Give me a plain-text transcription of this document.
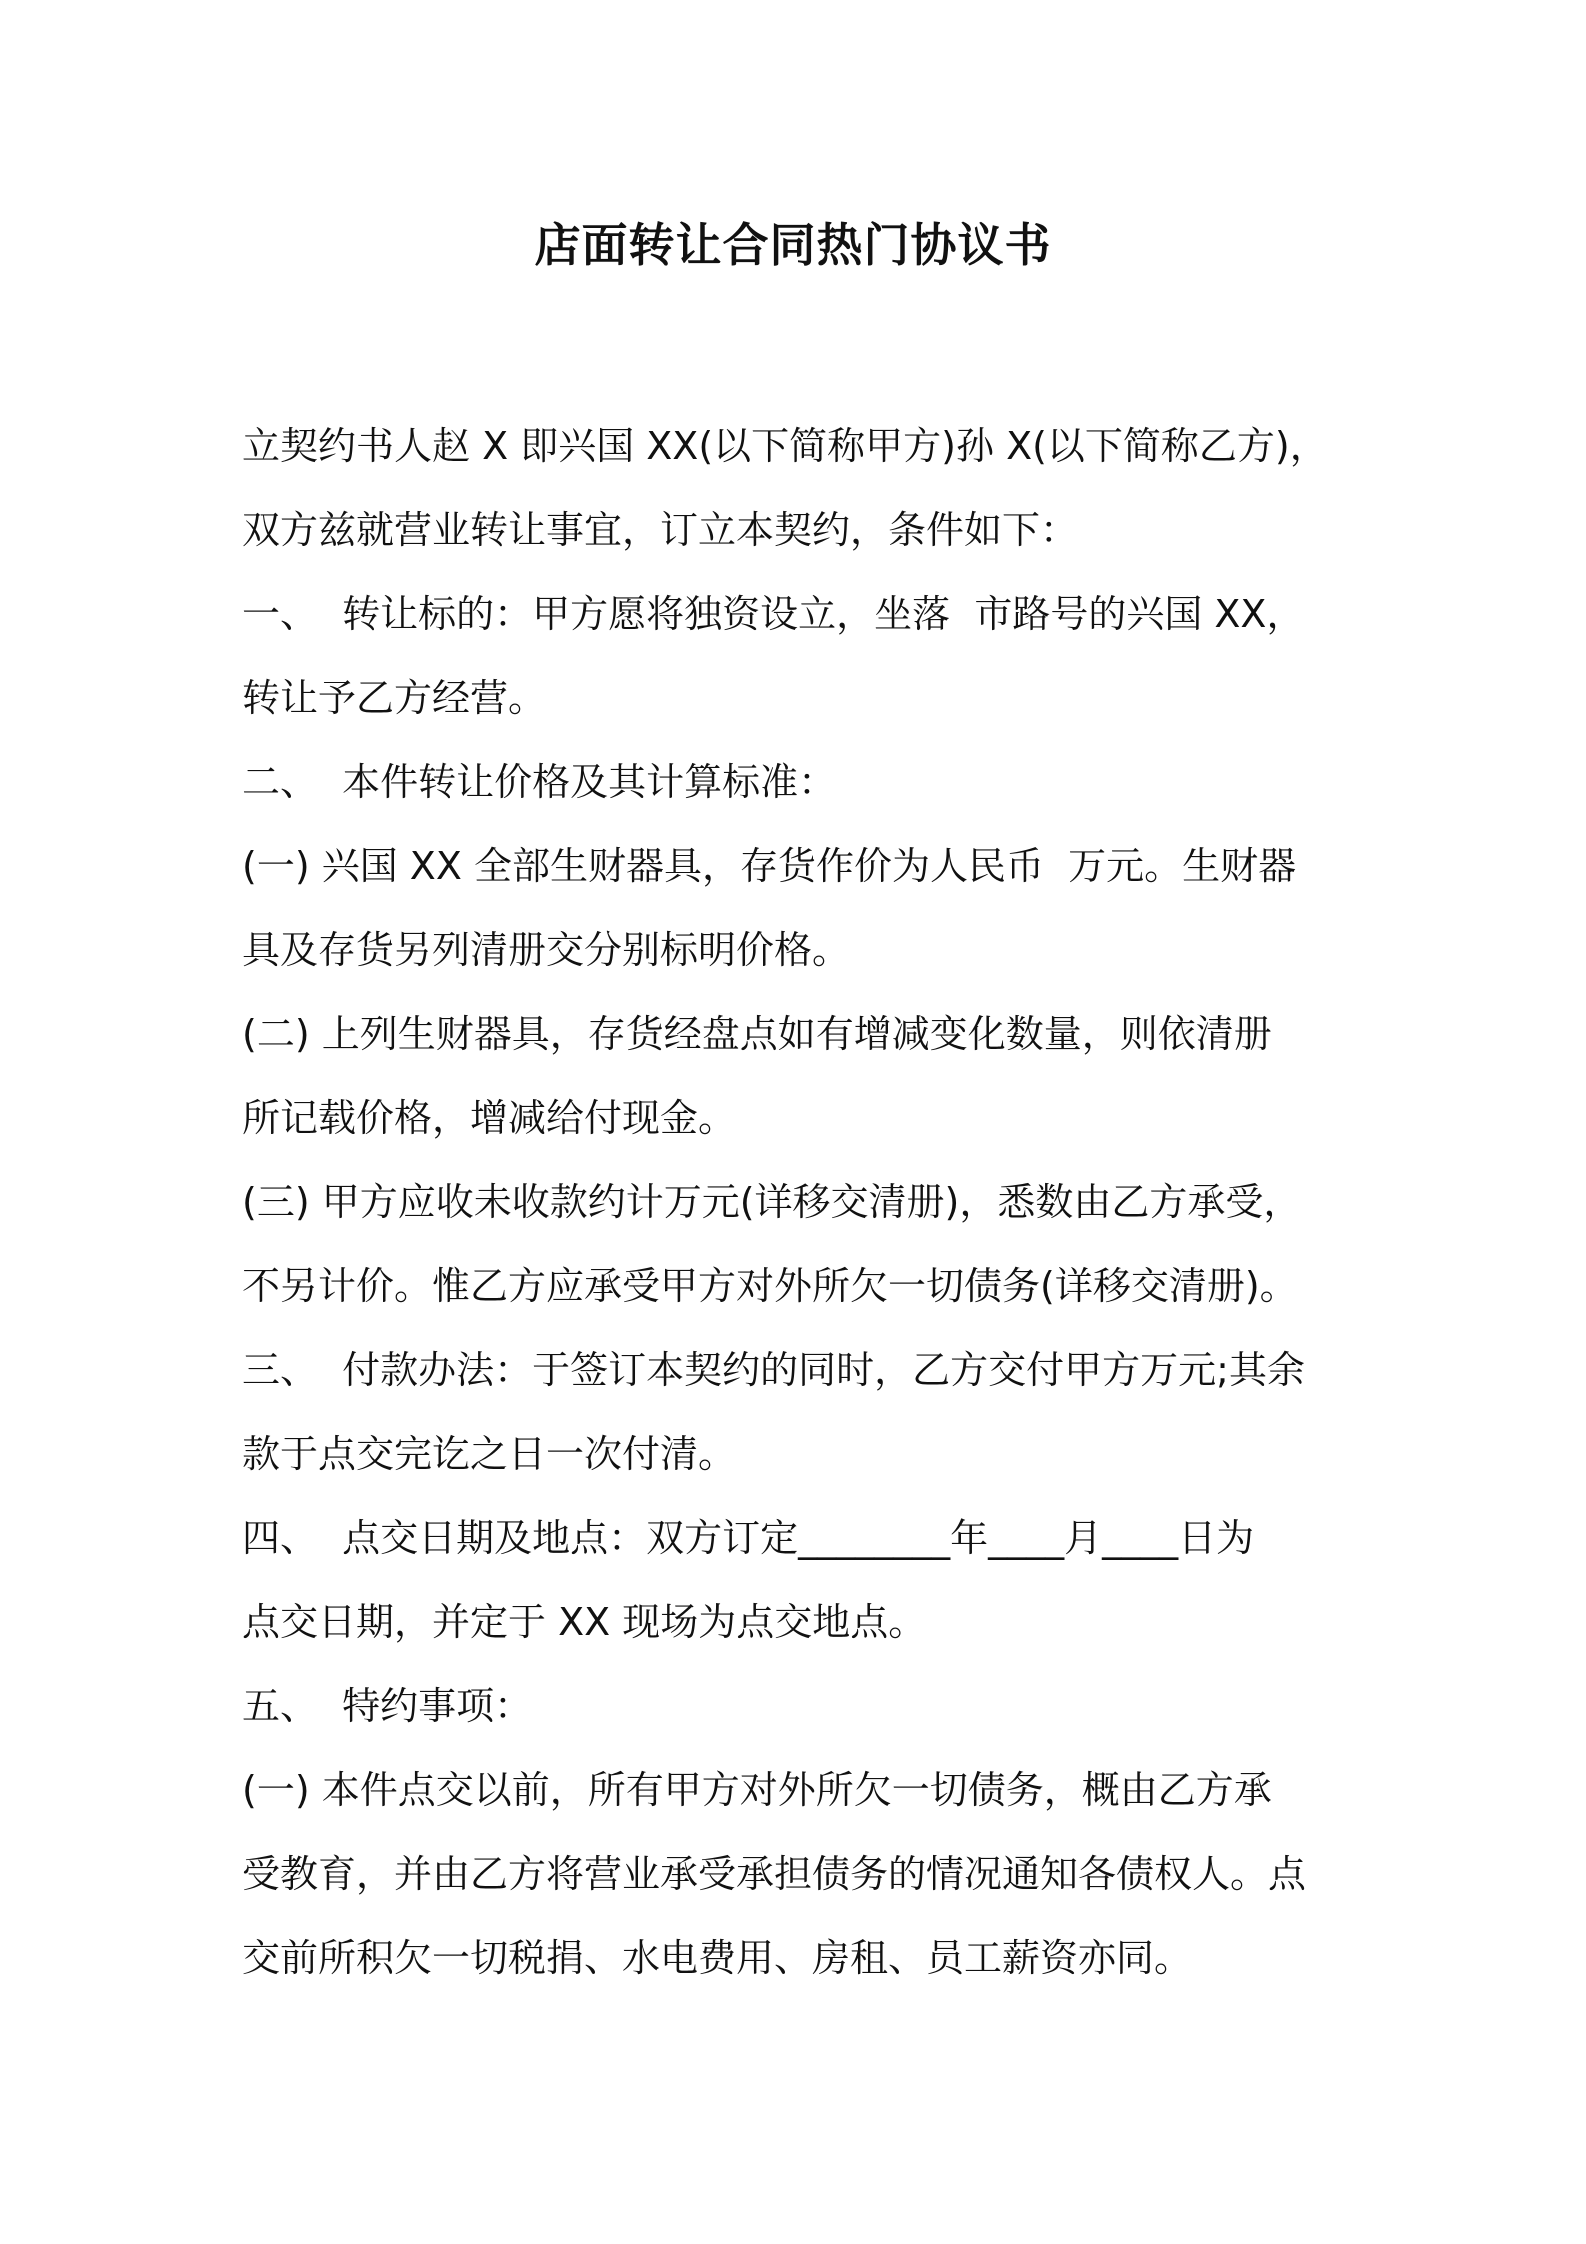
店面转让合同热门协议书
立契约书人赵 X 即兴国 XX(以下简称甲方)孙 X(以下简称乙方)，
双方兹就营业转让事宜，订立本契约，条件如下：
一、  转让标的：甲方愿将独资设立，坐落  市路号的兴国 XX，
转让予乙方经营。
二、  本件转让价格及其计算标准：
(一) 兴国 XX 全部生财器具，存货作价为人民币  万元。生财器
具及存货另列清册交分别标明价格。
(二) 上列生财器具，存货经盘点如有增减变化数量，则依清册
所记载价格，增减给付现金。
(三) 甲方应收未收款约计万元(详移交清册)，悉数由乙方承受，
不另计价。惟乙方应承受甲方对外所欠一切债务(详移交清册)。
三、  付款办法：于签订本契约的同时，乙方交付甲方万元;其余
款于点交完讫之日一次付清。
四、  点交日期及地点：双方订定________年____月____日为
点交日期，并定于 XX 现场为点交地点。
五、  特约事项：
(一) 本件点交以前，所有甲方对外所欠一切债务，概由乙方承
受教育，并由乙方将营业承受承担债务的情况通知各债权人。点
交前所积欠一切税捐、水电费用、房租、员工薪资亦同。
